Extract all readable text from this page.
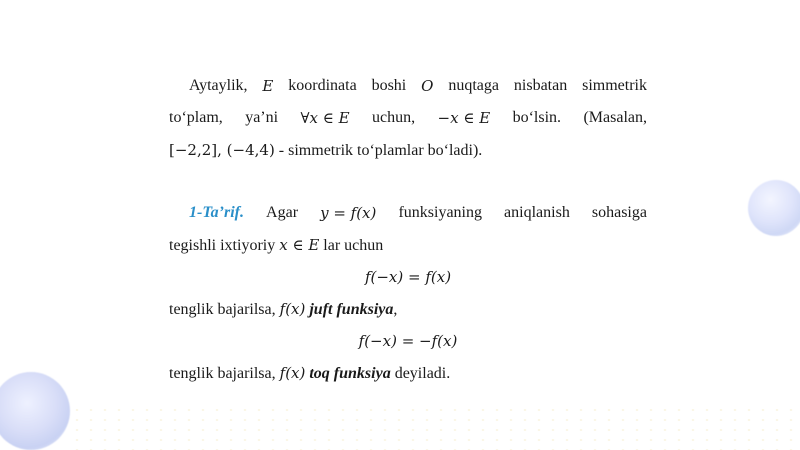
Aytaylik, E koordinata boshi O nuqtaga nisbatan simmetrik
to‘plam, ya’ni ∀x ∈ E uchun, −x ∈ E bo‘lsin. (Masalan,
[−2,2], (−4,4) - simmetrik to‘plamlar bo‘ladi).
1-Ta’rif. Agar y = f(x) funksiyaning aniqlanish sohasiga
tegishli ixtiyoriy x ∈ E lar uchun
f(−x) = f(x)
tenglik bajarilsa, f(x) juft funksiya,
f(−x) = −f(x)
tenglik bajarilsa, f(x) toq funksiya deyiladi.
